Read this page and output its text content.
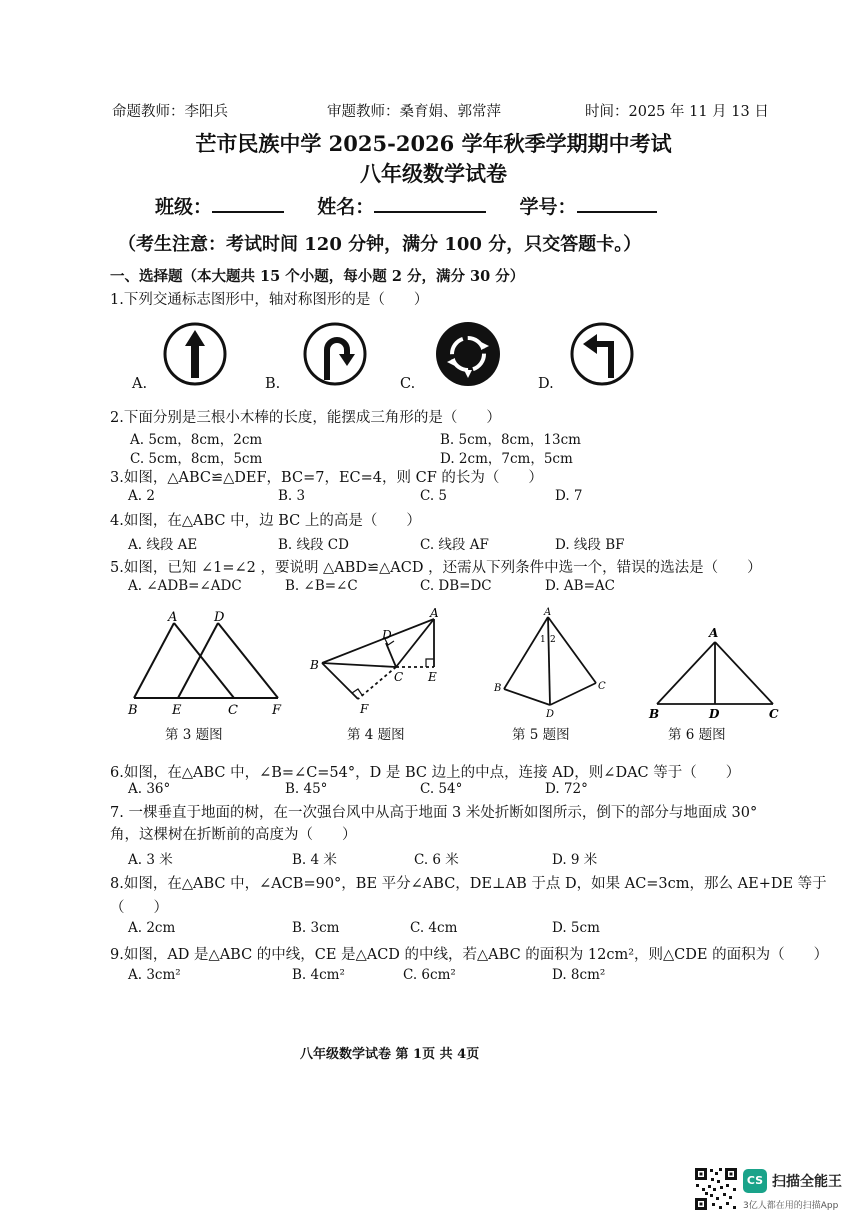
命题教师：李阳兵	审题教师：桑育娟、郭常萍	时间：2025 年 11 月 13 日
芒市民族中学 2025-2026 学年秋季学期期中考试
八年级数学试卷
班级：	姓名：	学号：
（考生注意：考试时间 120 分钟，满分 100 分，只交答题卡。）
一、选择题（本大题共 15 个小题，每小题 2 分，满分 30 分）
1.下列交通标志图形中，轴对称图形的是（　　）
A.	B.	C.	D.
2.下面分别是三根小木棒的长度，能摆成三角形的是（　　）
A. 5cm，8cm，2cm	B. 5cm，8cm，13cm
C. 5cm，8cm，5cm	D. 2cm，7cm，5cm
3.如图，△ABC≌△DEF，BC=7，EC=4，则 CF 的长为（　　）
A. 2	B. 3	C. 5	D. 7
4.如图，在△ABC 中，边 BC 上的高是（　　）
A. 线段 AE	B. 线段 CD	C. 线段 AF	D. 线段 BF
5.如图，已知 ∠1=∠2 ，要说明 △ABD≌△ACD ，还需从下列条件中选一个，错误的选法是（　　）
A. ∠ADB=∠ADC	B. ∠B=∠C	C. DB=DC	D. AB=AC
A	D
B	E	C	F
A
B
C
D
E
F
A
1 2
B	C
D
A
B	D	C
第 3 题图	第 4 题图	第 5 题图	第 6 题图
6.如图，在△ABC 中，∠B=∠C=54°，D 是 BC 边上的中点，连接 AD，则∠DAC 等于（　　）
A. 36°	B. 45°	C. 54°	D. 72°
7. 一棵垂直于地面的树，在一次强台风中从高于地面 3 米处折断如图所示，倒下的部分与地面成 30°
角，这棵树在折断前的高度为（　　）
A. 3 米	B. 4 米	C. 6 米	D. 9 米
8.如图，在△ABC 中，∠ACB=90°，BE 平分∠ABC，DE⊥AB 于点 D，如果 AC=3cm，那么 AE+DE 等于
（　　）
A. 2cm	B. 3cm	C. 4cm	D. 5cm
9.如图，AD 是△ABC 的中线，CE 是△ACD 的中线，若△ABC 的面积为 12cm²，则△CDE 的面积为（　　）
A. 3cm²	B. 4cm²	C. 6cm²	D. 8cm²
八年级数学试卷 第 1页 共 4页
CS 扫描全能王
3亿人都在用的扫描App
